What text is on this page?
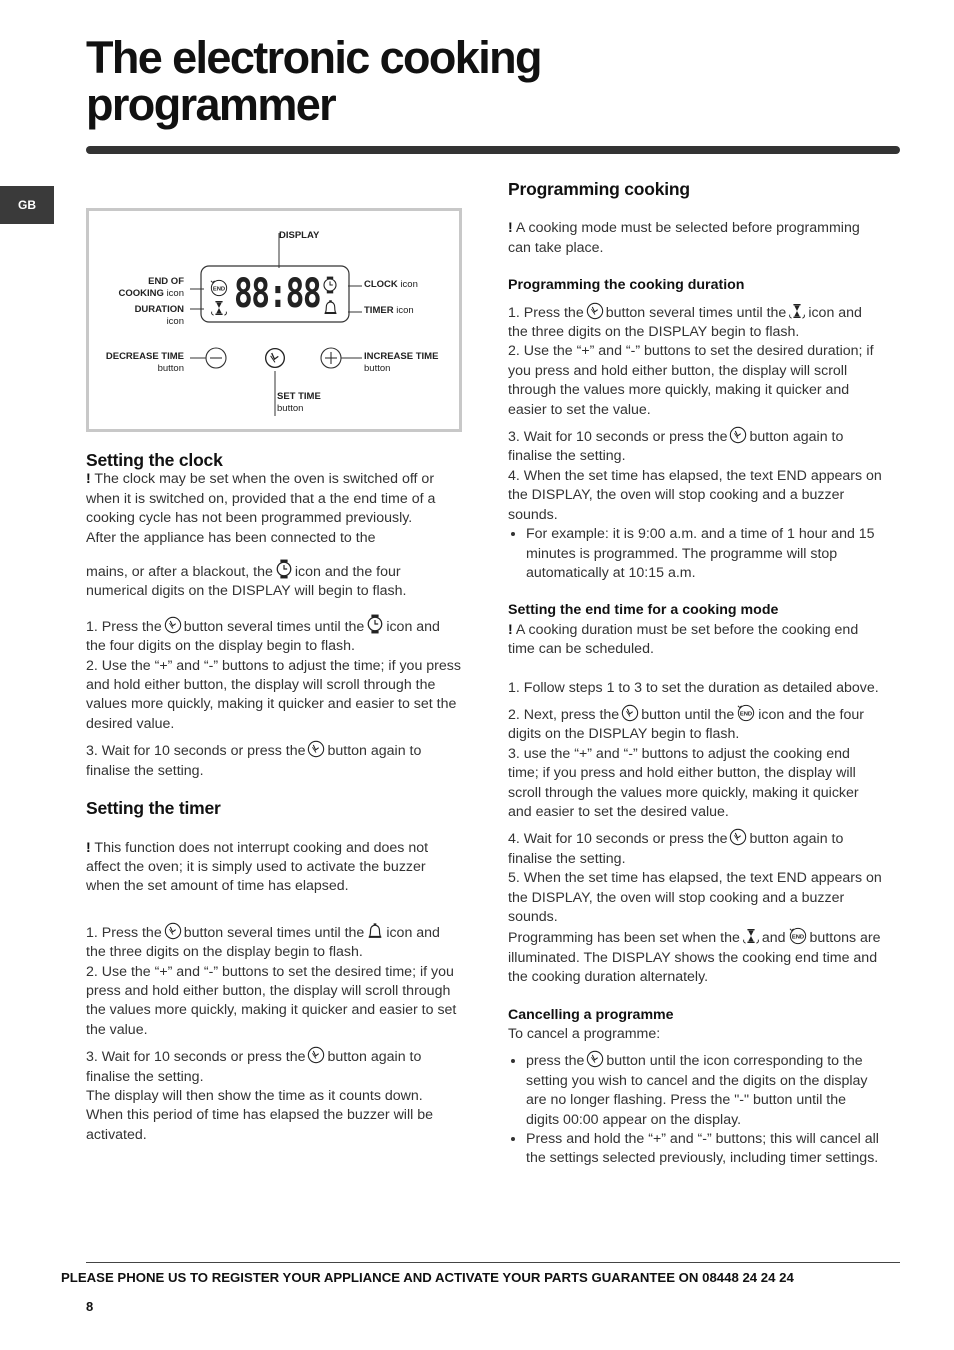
The electronic cooking
programmer
GB
88:88
DISPLAY
END OF
COOKING icon
DURATION
icon
CLOCK icon
TIMER icon
DECREASE TIME
button
INCREASE TIME
button
SET TIME
button

Setting the clock

! The clock may be set when the oven is switched off or when it is switched on, provided that a the end time of a cooking cycle has not been programmed previously.

After the appliance has been connected to the

mains, or after a blackout, the icon and the four numerical digits on the DISPLAY will begin to flash.

1. Press the button several times until the icon and the four digits on the display begin to flash.

2. Use the “+” and “-” buttons to adjust the time; if you press and hold either button, the display will scroll through the values more quickly, making it quicker and easier to set the desired value.

3. Wait for 10 seconds or press the button again to finalise the setting.

Setting the timer

! This function does not interrupt cooking and does not affect the oven; it is simply used to activate the buzzer when the set amount of time has elapsed.

1. Press the button several times until the icon and the three digits on the display begin to flash.

2. Use the “+” and “-” buttons to set the desired time; if you press and hold either button, the display will scroll through the values more quickly, making it quicker and easier to set the value.

3. Wait for 10 seconds or press the button again to finalise the setting.

The display will then show the time as it counts down. When this period of time has elapsed the buzzer will be activated.

Programming cooking

! A cooking mode must be selected before programming can take place.

Programming the cooking duration

1. Press the button several times until the icon and the three digits on the DISPLAY begin to flash.

2. Use the “+” and “-” buttons to set the desired duration; if you press and hold either button, the display will scroll through the values more quickly, making it quicker and easier to set the value.

3. Wait for 10 seconds or press the button again to finalise the setting.

4. When the set time has elapsed, the text END appears on the DISPLAY, the oven will stop cooking and a buzzer sounds.

• For example: it is 9:00 a.m. and a time of 1 hour and 15 minutes is programmed. The programme will stop automatically at 10:15 a.m.

Setting the end time for a cooking mode

! A cooking duration must be set before the cooking end time can be scheduled.

1. Follow steps 1 to 3 to set the duration as detailed above.

2. Next, press the button until the icon and the four digits on the DISPLAY begin to flash.

3. use the “+” and “-” buttons to adjust the cooking end time; if you press and hold either button, the display will scroll through the values more quickly, making it quicker and easier to set the desired value.

4. Wait for 10 seconds or press the button again to finalise the setting.

5. When the set time has elapsed, the text END appears on the DISPLAY, the oven will stop cooking and a buzzer sounds.

Programming has been set when the and buttons are illuminated. The DISPLAY shows the cooking end time and the cooking duration alternately.

Cancelling a programme

To cancel a programme:

• press the button until the icon corresponding to the setting you wish to cancel and the digits on the display are no longer flashing. Press the "-" button until the digits 00:00 appear on the display.
• Press and hold the “+” and “-” buttons; this will cancel all the settings selected previously, including timer settings.
PLEASE PHONE US TO REGISTER YOUR APPLIANCE AND ACTIVATE YOUR PARTS GUARANTEE ON 08448 24 24 24
8
